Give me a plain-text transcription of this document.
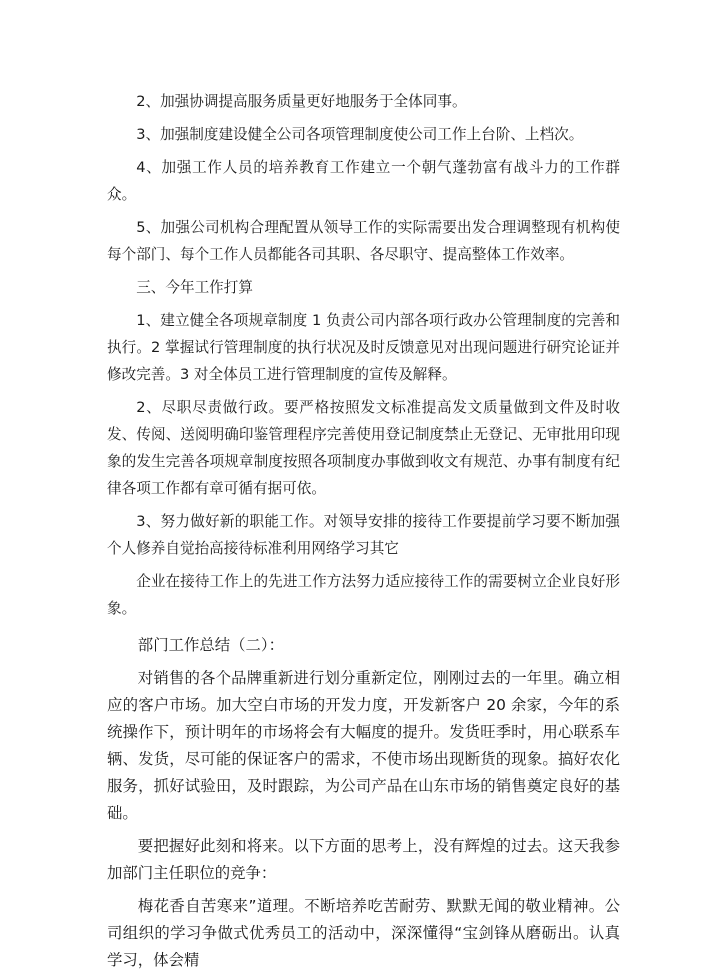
2、加强协调提高服务质量更好地服务于全体同事。

3、加强制度建设健全公司各项管理制度使公司工作上台阶、上档次。

4、加强工作人员的培养教育工作建立一个朝气蓬勃富有战斗力的工作群众。

5、加强公司机构合理配置从领导工作的实际需要出发合理调整现有机构使每个部门、每个工作人员都能各司其职、各尽职守、提高整体工作效率。

三、今年工作打算

1、建立健全各项规章制度 1 负责公司内部各项行政办公管理制度的完善和执行。2 掌握试行管理制度的执行状况及时反馈意见对出现问题进行研究论证并修改完善。3 对全体员工进行管理制度的宣传及解释。

2、尽职尽责做行政。要严格按照发文标准提高发文质量做到文件及时收发、传阅、送阅明确印鉴管理程序完善使用登记制度禁止无登记、无审批用印现象的发生完善各项规章制度按照各项制度办事做到收文有规范、办事有制度有纪律各项工作都有章可循有据可依。

3、努力做好新的职能工作。对领导安排的接待工作要提前学习要不断加强个人修养自觉抬高接待标准利用网络学习其它

企业在接待工作上的先进工作方法努力适应接待工作的需要树立企业良好形象。

部门工作总结（二）：

对销售的各个品牌重新进行划分重新定位，刚刚过去的一年里。确立相应的客户市场。加大空白市场的开发力度，开发新客户 20 余家，今年的系统操作下，预计明年的市场将会有大幅度的提升。发货旺季时，用心联系车辆、发货，尽可能的保证客户的需求，不使市场出现断货的现象。搞好农化服务，抓好试验田，及时跟踪，为公司产品在山东市场的销售奠定良好的基础。

要把握好此刻和将来。以下方面的思考上，没有辉煌的过去。这天我参加部门主任职位的竞争：

梅花香自苦寒来”道理。不断培养吃苦耐劳、默默无闻的敬业精神。公司组织的学习争做式优秀员工的活动中，深深懂得“宝剑锋从磨砺出。认真学习，体会精
